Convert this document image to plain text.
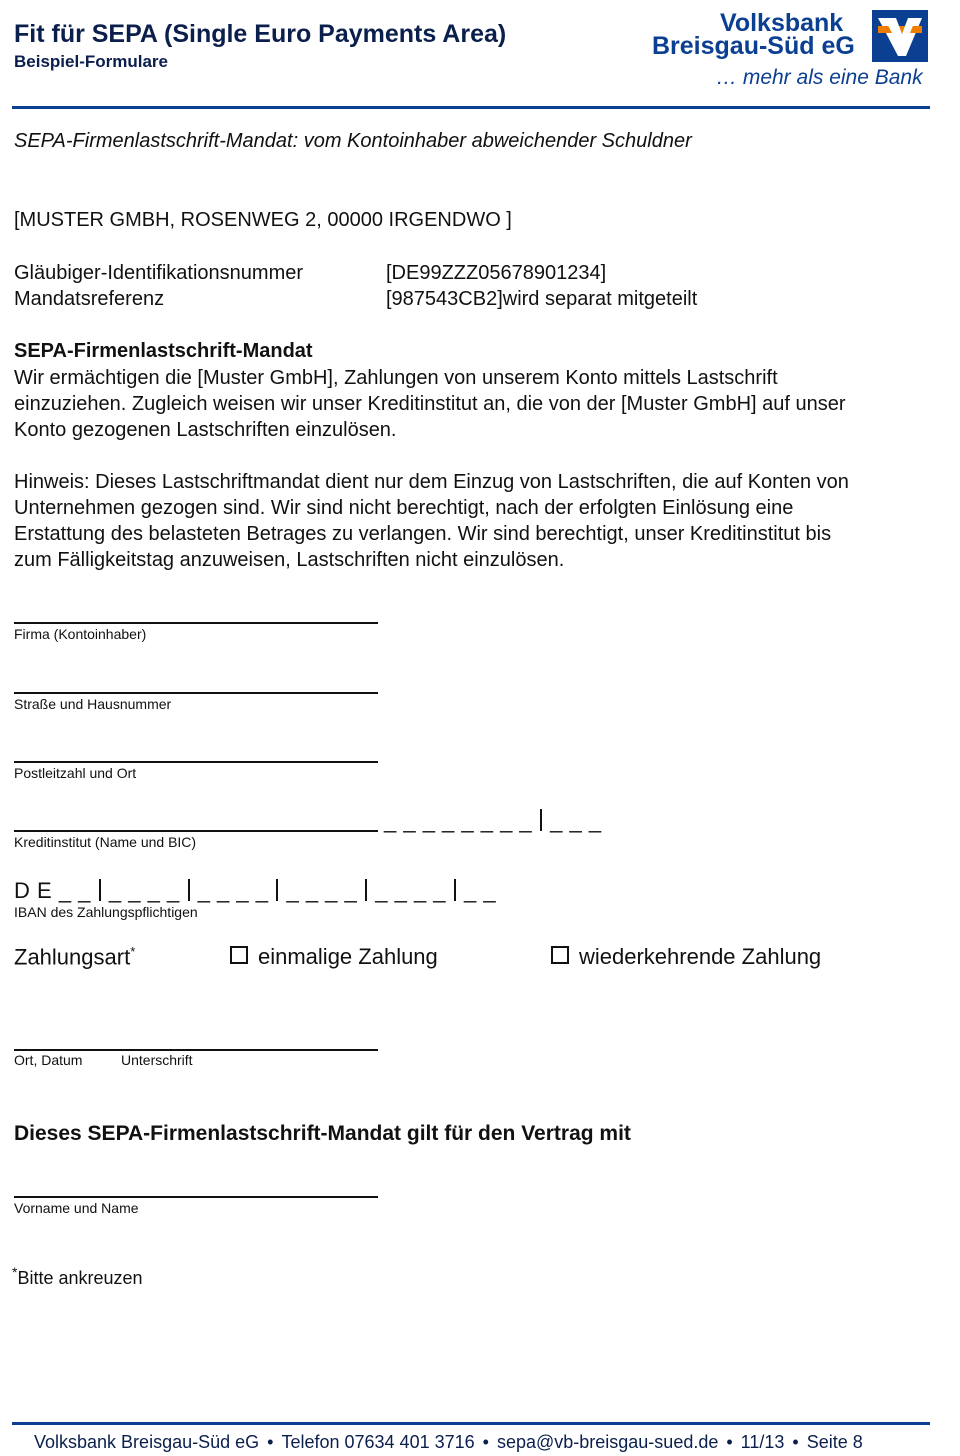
Fit für SEPA (Single Euro Payments Area)
Beispiel-Formulare
Volksbank
Breisgau-Süd eG
… mehr als eine Bank
SEPA-Firmenlastschrift-Mandat: vom Kontoinhaber abweichender Schuldner
[MUSTER GMBH, ROSENWEG 2, 00000 IRGENDWO ]
Gläubiger-Identifikationsnummer	[DE99ZZZ05678901234]
Mandatsreferenz	[987543CB2]wird separat mitgeteilt
SEPA-Firmenlastschrift-Mandat
Wir ermächtigen die [Muster GmbH], Zahlungen von unserem Konto mittels Lastschrift
einzuziehen. Zugleich weisen wir unser Kreditinstitut an, die von der [Muster GmbH] auf unser
Konto gezogenen Lastschriften einzulösen.
Hinweis: Dieses Lastschriftmandat dient nur dem Einzug von Lastschriften, die auf Konten von
Unternehmen gezogen sind. Wir sind nicht berechtigt, nach der erfolgten Einlösung eine
Erstattung des belasteten Betrages zu verlangen. Wir sind berechtigt, unser Kreditinstitut bis
zum Fälligkeitstag anzuweisen, Lastschriften nicht einzulösen.
Firma (Kontoinhaber)
Straße und Hausnummer
Postleitzahl und Ort
_ _ _ _ _ _ _ _ _ _ _
Kreditinstitut (Name und BIC)
D E _ _ _ _ _ _ _ _ _ _ _ _ _ _ _ _ _ _ _ _
IBAN des Zahlungspflichtigen
Zahlungsart*	einmalige Zahlung	wiederkehrende Zahlung
Ort, Datum	Unterschrift
Dieses SEPA-Firmenlastschrift-Mandat gilt für den Vertrag mit
Vorname und Name
*Bitte ankreuzen
Volksbank Breisgau-Süd eG • Telefon 07634 401 3716 • sepa@vb-breisgau-sued.de • 11/13 • Seite 8
